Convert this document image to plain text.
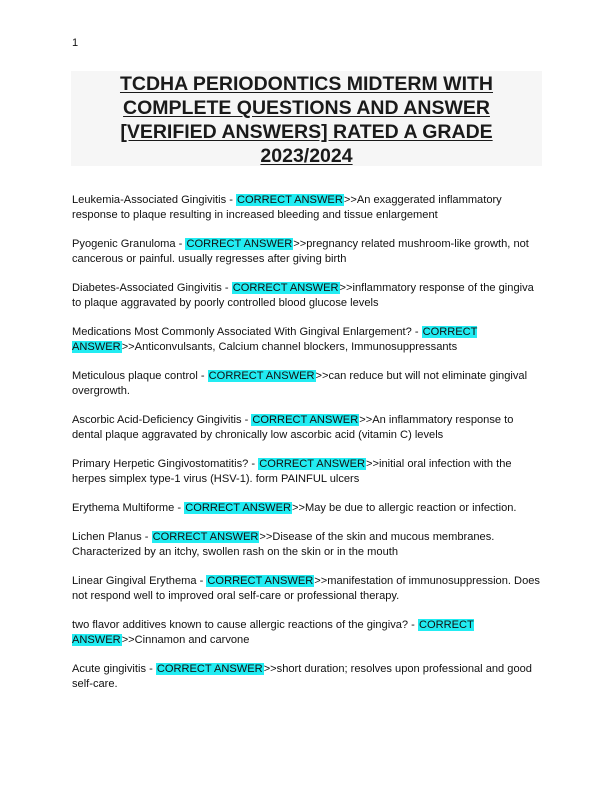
1
TCDHA PERIODONTICS MIDTERM WITH
COMPLETE QUESTIONS AND ANSWER
[VERIFIED ANSWERS] RATED A GRADE
2023/2024

Leukemia-Associated Gingivitis - CORRECT ANSWER>>An exaggerated inflammatory response to plaque resulting in increased bleeding and tissue enlargement

Pyogenic Granuloma - CORRECT ANSWER>>pregnancy related mushroom-like growth, not cancerous or painful. usually regresses after giving birth

Diabetes-Associated Gingivitis - CORRECT ANSWER>>inflammatory response of the gingiva to plaque aggravated by poorly controlled blood glucose levels

Medications Most Commonly Associated With Gingival Enlargement? - CORRECT ANSWER>>Anticonvulsants, Calcium channel blockers, Immunosuppressants

Meticulous plaque control - CORRECT ANSWER>>can reduce but will not eliminate gingival overgrowth.

Ascorbic Acid-Deficiency Gingivitis - CORRECT ANSWER>>An inflammatory response to dental plaque aggravated by chronically low ascorbic acid (vitamin C) levels

Primary Herpetic Gingivostomatitis? - CORRECT ANSWER>>initial oral infection with the herpes simplex type-1 virus (HSV-1). form PAINFUL ulcers

Erythema Multiforme - CORRECT ANSWER>>May be due to allergic reaction or infection.

Lichen Planus - CORRECT ANSWER>>Disease of the skin and mucous membranes. Characterized by an itchy, swollen rash on the skin or in the mouth

Linear Gingival Erythema - CORRECT ANSWER>>manifestation of immunosuppression. Does not respond well to improved oral self-care or professional therapy.

two flavor additives known to cause allergic reactions of the gingiva? - CORRECT ANSWER>>Cinnamon and carvone

Acute gingivitis - CORRECT ANSWER>>short duration; resolves upon professional and good self-care.
